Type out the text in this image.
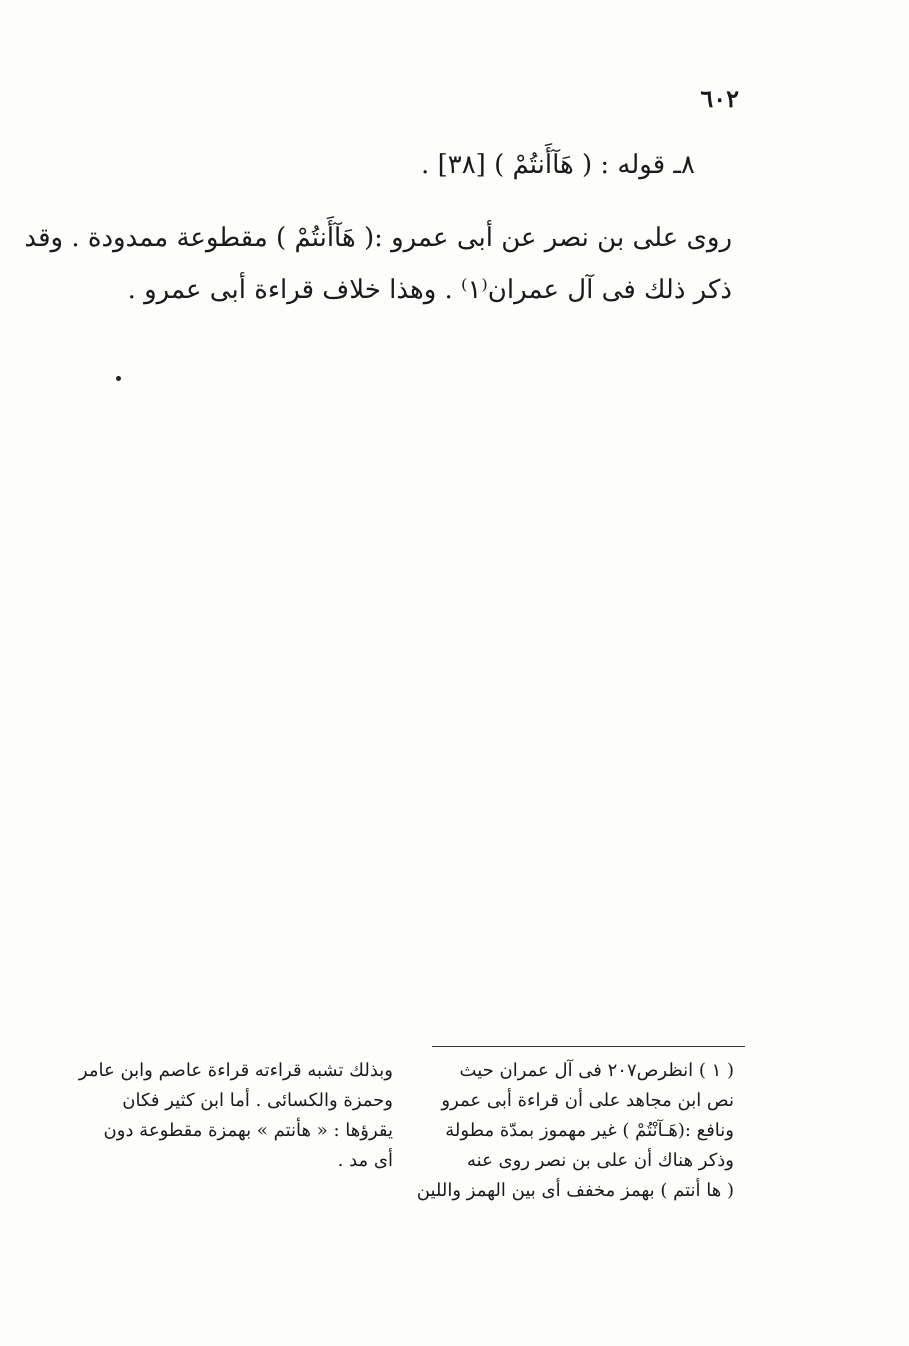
٦٠٢
٨ـ قوله : ( هَآأَنتُمْ ) [٣٨] .

روى على بن نصر عن أبى عمرو :( هَآأَنتُمْ ) مقطوعة ممدودة . وقد

ذكر ذلك فى آل عمران⁽١⁾ . وهذا خلاف قراءة أبى عمرو .

( ١ ) انظرص٢٠٧ فى آل عمران حيث

نص ابن مجاهد على أن قراءة أبى عمرو

ونافع :(هَـآنْتُمْ ) غير مهموز بمدّة مطولة

وذكر هناك أن على بن نصر روى عنه

( ها أنتم ) بهمز مخفف أى بين الهمز واللين

وبذلك تشبه قراءته قراءة عاصم وابن عامر

وحمزة والكسائى . أما ابن كثير فكان

يقرؤها : « هأنتم » بهمزة مقطوعة دون

أى مد .
